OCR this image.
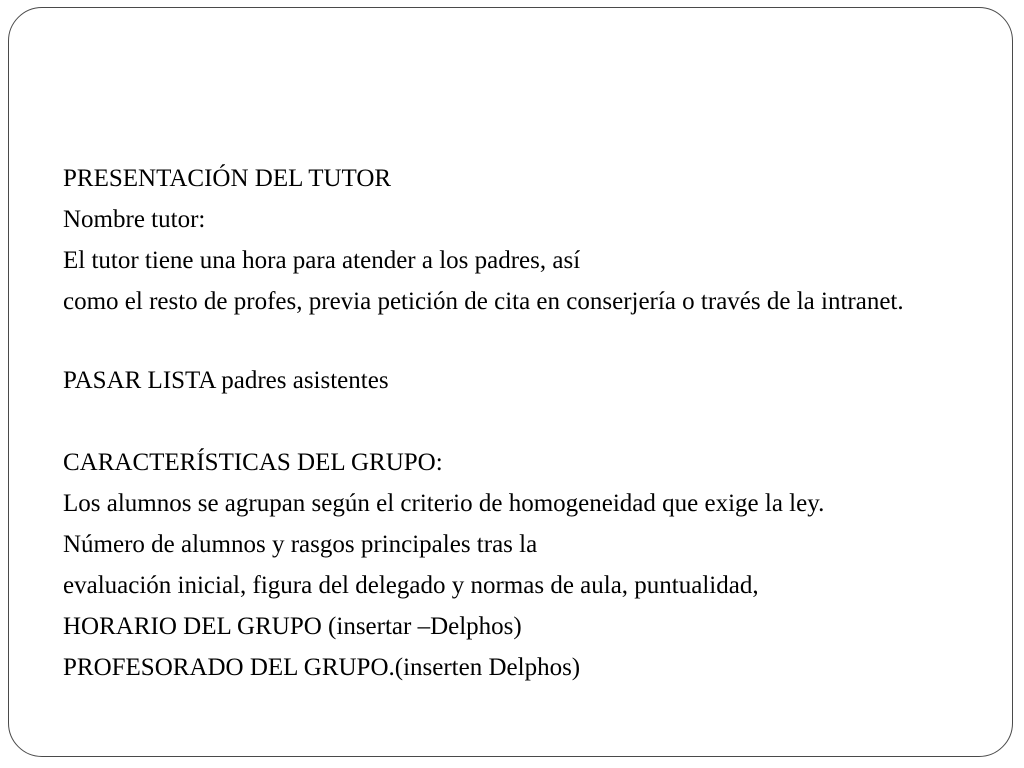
PRESENTACIÓN DEL TUTOR

Nombre tutor:

El tutor tiene una hora para atender a los padres, así

como el resto de profes, previa petición de cita en conserjería o través de la intranet.

PASAR LISTA padres asistentes

CARACTERÍSTICAS DEL GRUPO:

Los alumnos se agrupan según el criterio de homogeneidad que exige la ley.

Número de alumnos y rasgos principales tras la

evaluación inicial, figura del delegado y normas de aula, puntualidad,

HORARIO DEL GRUPO (insertar –Delphos)

PROFESORADO DEL GRUPO.(inserten Delphos)
